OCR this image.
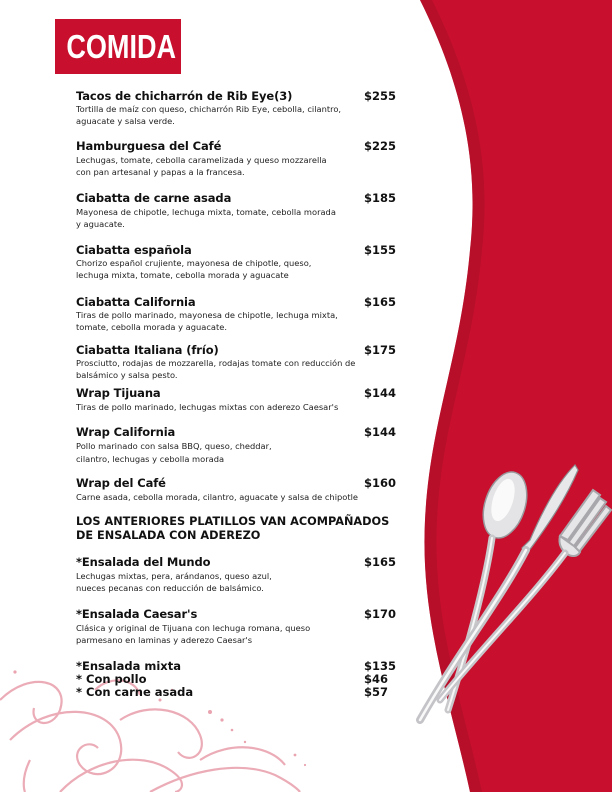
COMIDA
Tacos de chicharrón de Rib Eye(3)	$255
Tortilla de maíz con queso, chicharrón Rib Eye, cebolla, cilantro,
aguacate y salsa verde.
Hamburguesa del Café	$225
Lechugas, tomate, cebolla caramelizada y queso mozzarella
con pan artesanal y papas a la francesa.
Ciabatta de carne asada	$185
Mayonesa de chipotle, lechuga mixta, tomate, cebolla morada
y aguacate.
Ciabatta española	$155
Chorizo español crujiente, mayonesa de chipotle, queso,
lechuga mixta, tomate, cebolla morada y aguacate
Ciabatta California	$165
Tiras de pollo marinado, mayonesa de chipotle, lechuga mixta,
tomate, cebolla morada y aguacate.
Ciabatta Italiana (frío)	$175
Prosciutto, rodajas de mozzarella, rodajas tomate con reducción de
balsámico y salsa pesto.
Wrap Tijuana	$144
Tiras de pollo marinado, lechugas mixtas con aderezo Caesar's
Wrap California	$144
Pollo marinado con salsa BBQ, queso, cheddar,
cilantro, lechugas y cebolla morada
Wrap del Café	$160
Carne asada, cebolla morada, cilantro, aguacate y salsa de chipotle
LOS ANTERIORES PLATILLOS VAN ACOMPAÑADOS
DE ENSALADA CON ADEREZO
*Ensalada del Mundo	$165
Lechugas mixtas, pera, arándanos, queso azul,
nueces pecanas con reducción de balsámico.
*Ensalada Caesar's	$170
Clásica y original de Tijuana con lechuga romana, queso
parmesano en laminas y aderezo Caesar's
*Ensalada mixta	$135
* Con pollo	$46
* Con carne asada	$57
